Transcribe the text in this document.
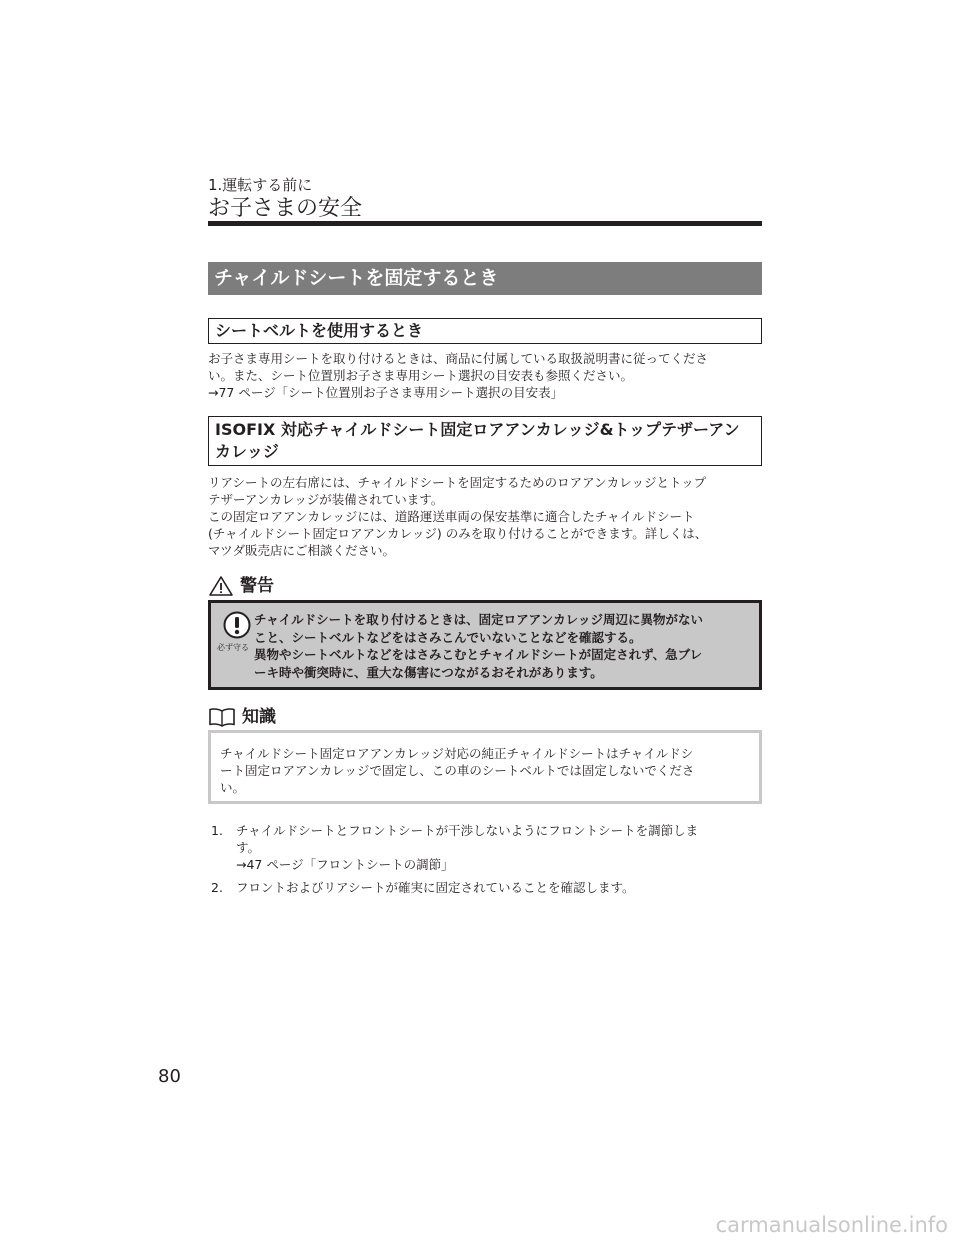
1.運転する前に
お子さまの安全
チャイルドシートを固定するとき
シートベルトを使用するとき
お子さま専用シートを取り付けるときは、商品に付属している取扱説明書に従ってくださ
い。また、シート位置別お子さま専用シート選択の目安表も参照ください。
→77 ページ「シート位置別お子さま専用シート選択の目安表」
ISOFIX 対応チャイルドシート固定ロアアンカレッジ&トップテザーアン
カレッジ
リアシートの左右席には、チャイルドシートを固定するためのロアアンカレッジとトップ
テザーアンカレッジが装備されています。
この固定ロアアンカレッジには、道路運送車両の保安基準に適合したチャイルドシート
(チャイルドシート固定ロアアンカレッジ) のみを取り付けることができます。詳しくは、
マツダ販売店にご相談ください。
警告
必ず守る
チャイルドシートを取り付けるときは、固定ロアアンカレッジ周辺に異物がない
こと、シートベルトなどをはさみこんでいないことなどを確認する。
異物やシートベルトなどをはさみこむとチャイルドシートが固定されず、急ブレ
ーキ時や衝突時に、重大な傷害につながるおそれがあります。
知識
チャイルドシート固定ロアアンカレッジ対応の純正チャイルドシートはチャイルドシ
ート固定ロアアンカレッジで固定し、この車のシートベルトでは固定しないでくださ
い。
1. チャイルドシートとフロントシートが干渉しないようにフロントシートを調節しま
す。
→47 ページ「フロントシートの調節」
2. フロントおよびリアシートが確実に固定されていることを確認します。
80
carmanualsonline.info
